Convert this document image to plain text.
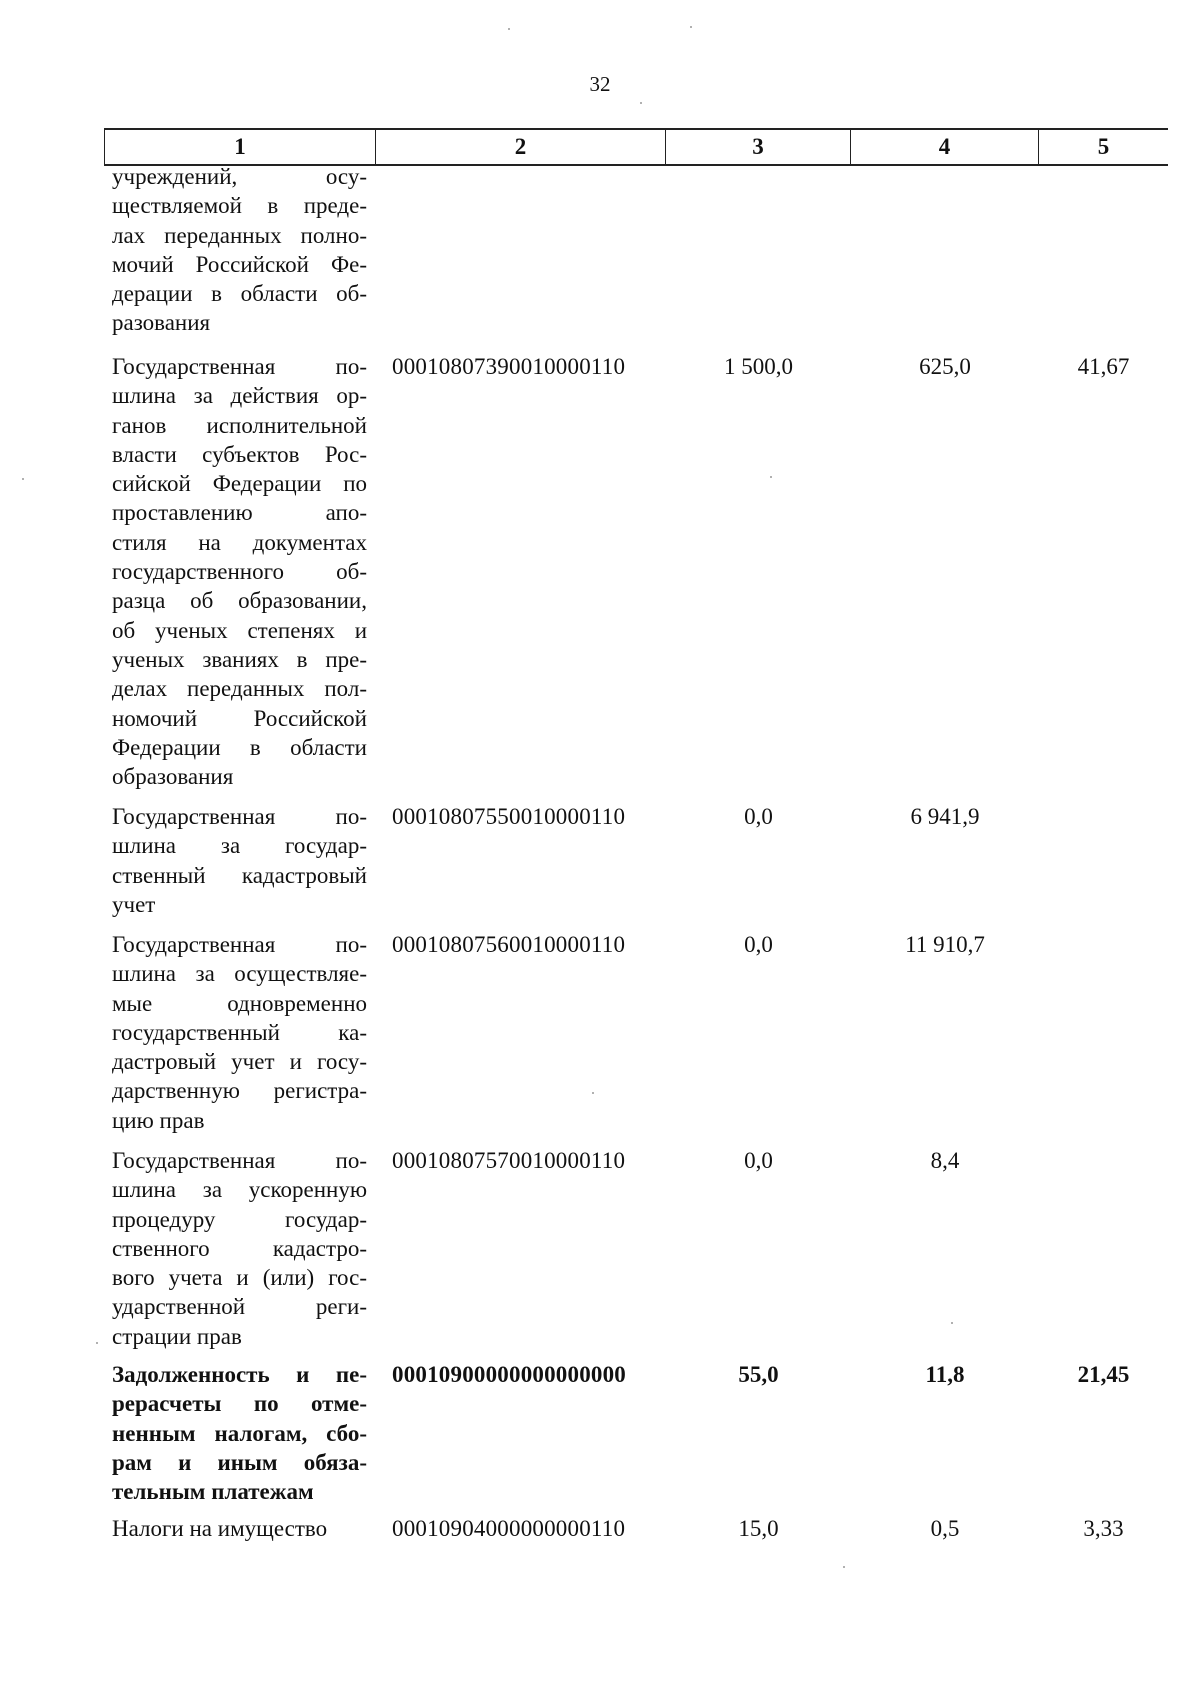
32
1	2	3	4	5
учреждений, осу-
ществляемой в преде-
лах переданных полно-
мочий Российской Фе-
дерации в области об-
разования
Государственная по-
шлина за действия ор-
ганов исполнительной
власти субъектов Рос-
сийской Федерации по
проставлению апо-
стиля на документах
государственного об-
разца об образовании,
об ученых степенях и
ученых званиях в пре-
делах переданных пол-
номочий Российской
Федерации в области
образования
00010807390010000110	1 500,0	625,0	41,67
Государственная по-
шлина за государ-
ственный кадастровый
учет
00010807550010000110	0,0	6 941,9
Государственная по-
шлина за осуществляе-
мые одновременно
государственный ка-
дастровый учет и госу-
дарственную регистра-
цию прав
00010807560010000110	0,0	11 910,7
Государственная по-
шлина за ускоренную
процедуру государ-
ственного кадастро-
вого учета и (или) гос-
ударственной реги-
страции прав
00010807570010000110	0,0	8,4
Задолженность и пе-
рерасчеты по отме-
ненным налогам, сбо-
рам и иным обяза-
тельным платежам
00010900000000000000	55,0	11,8	21,45
Налоги на имущество	00010904000000000110	15,0	0,5	3,33
